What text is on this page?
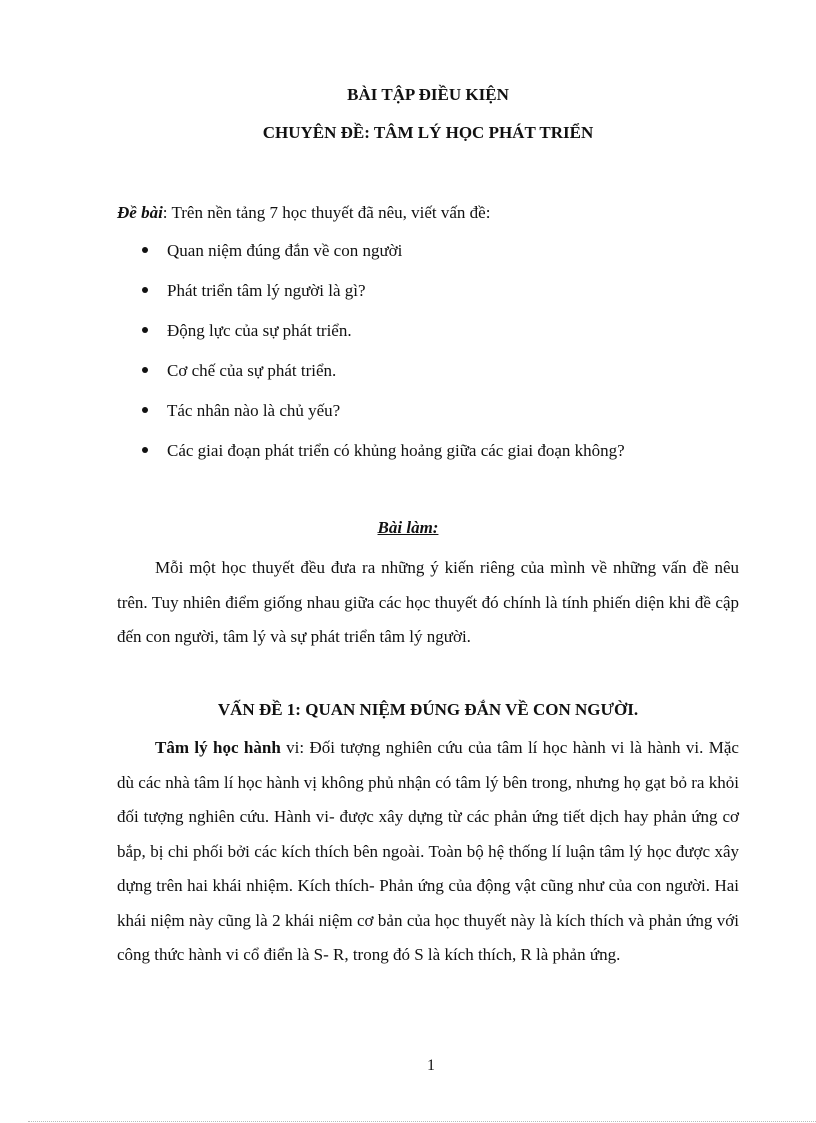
BÀI TẬP ĐIỀU KIỆN
CHUYÊN ĐỀ: TÂM LÝ HỌC PHÁT TRIỂN
Đề bài: Trên nền tảng 7 học thuyết đã nêu, viết vấn đề:
Quan niệm đúng đắn về con người
Phát triển tâm lý người là gì?
Động lực của sự phát triển.
Cơ chế của sự phát triển.
Tác nhân nào là chủ yếu?
Các giai đoạn phát triển có khủng hoảng giữa các giai đoạn không?
Bài làm:

Mỗi một học thuyết đều đưa ra những ý kiến riêng của mình về những vấn đề nêu trên. Tuy nhiên điểm giống nhau giữa các học thuyết đó chính là tính phiến diện khi đề cập đến con người, tâm lý và sự phát triển tâm lý người.

VẤN ĐỀ 1: QUAN NIỆM ĐÚNG ĐẮN VỀ CON NGƯỜI.

Tâm lý học hành vi: Đối tượng nghiên cứu của tâm lí học hành vi là hành vi. Mặc dù các nhà tâm lí học hành vị không phủ nhận có tâm lý bên trong, nhưng họ gạt bỏ ra khỏi đối tượng nghiên cứu. Hành vi- được xây dựng từ các phản ứng tiết dịch hay phản ứng cơ bắp, bị chi phối bởi các kích thích bên ngoài. Toàn bộ hệ thống lí luận tâm lý học được xây dựng trên hai khái nhiệm. Kích thích- Phản ứng của động vật cũng như của con người. Hai khái niệm này cũng là 2 khái niệm cơ bản của học thuyết này là kích thích và phản ứng với công thức hành vi cổ điển là S- R, trong đó S là kích thích, R là phản ứng.

1
